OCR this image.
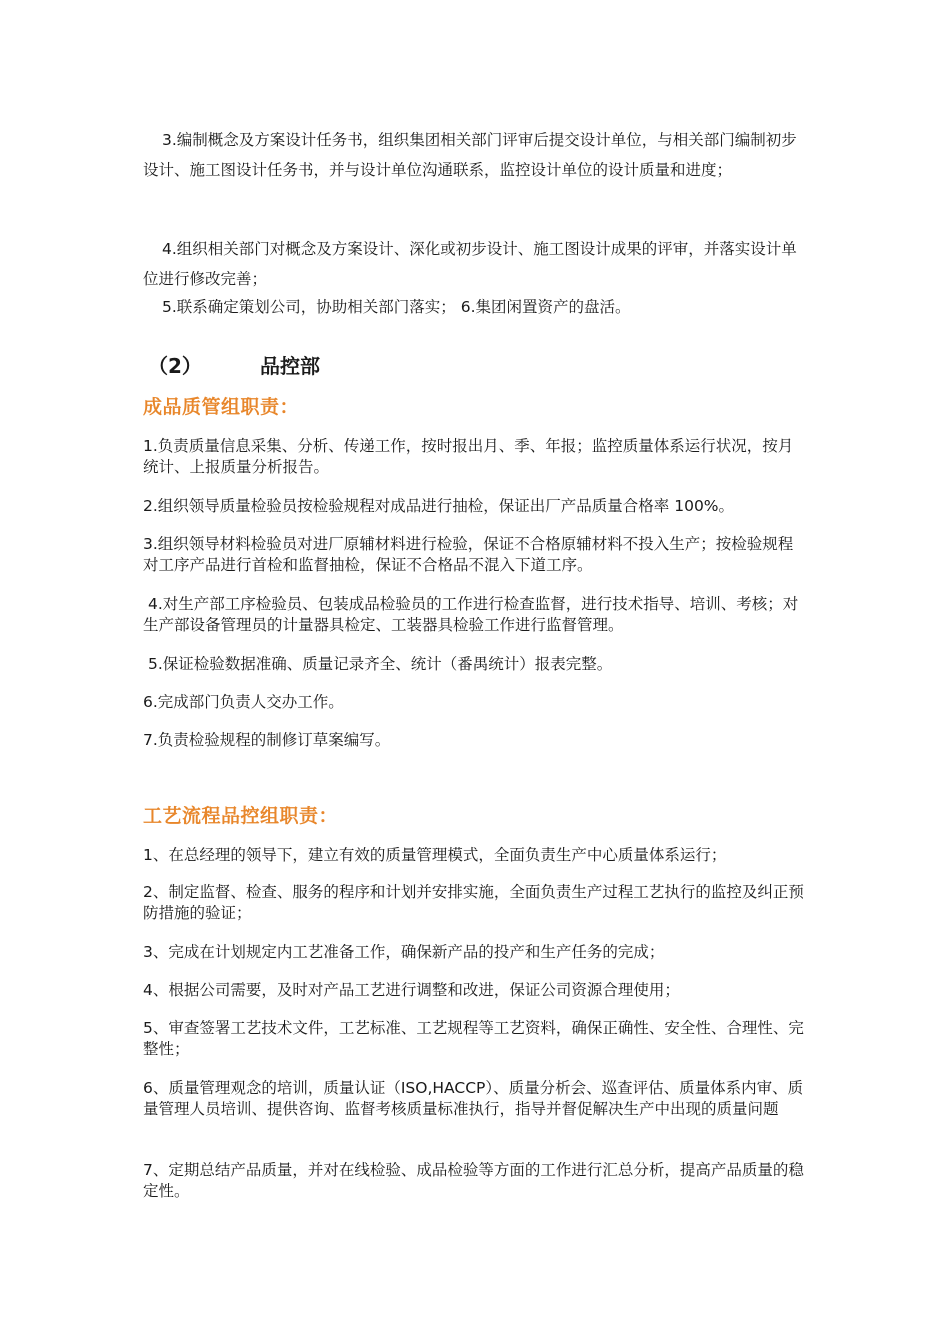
3.编制概念及方案设计任务书，组织集团相关部门评审后提交设计单位，与相关部门编制初步设计、施工图设计任务书，并与设计单位沟通联系，监控设计单位的设计质量和进度；

4.组织相关部门对概念及方案设计、深化或初步设计、施工图设计成果的评审，并落实设计单位进行修改完善；

5.联系确定策划公司，协助相关部门落实； 6.集团闲置资产的盘活。

（2）	品控部
成品质管组职责：

1.负责质量信息采集、分析、传递工作，按时报出月、季、年报；监控质量体系运行状况，按月统计、上报质量分析报告。

2.组织领导质量检验员按检验规程对成品进行抽检，保证出厂产品质量合格率 100%。

3.组织领导材料检验员对进厂原辅材料进行检验，保证不合格原辅材料不投入生产；按检验规程对工序产品进行首检和监督抽检，保证不合格品不混入下道工序。

4.对生产部工序检验员、包装成品检验员的工作进行检查监督，进行技术指导、培训、考核；对生产部设备管理员的计量器具检定、工装器具检验工作进行监督管理。

5.保证检验数据准确、质量记录齐全、统计（番禺统计）报表完整。

6.完成部门负责人交办工作。

7.负责检验规程的制修订草案编写。

工艺流程品控组职责：

1、在总经理的领导下，建立有效的质量管理模式，全面负责生产中心质量体系运行；

2、制定监督、检查、服务的程序和计划并安排实施，全面负责生产过程工艺执行的监控及纠正预防措施的验证；

3、完成在计划规定内工艺准备工作，确保新产品的投产和生产任务的完成；

4、根据公司需要，及时对产品工艺进行调整和改进，保证公司资源合理使用；

5、审查签署工艺技术文件，工艺标准、工艺规程等工艺资料，确保正确性、安全性、合理性、完整性；

6、质量管理观念的培训，质量认证（ISO,HACCP）、质量分析会、巡查评估、质量体系内审、质量管理人员培训、提供咨询、监督考核质量标准执行，指导并督促解决生产中出现的质量问题

7、定期总结产品质量，并对在线检验、成品检验等方面的工作进行汇总分析，提高产品质量的稳定性。
